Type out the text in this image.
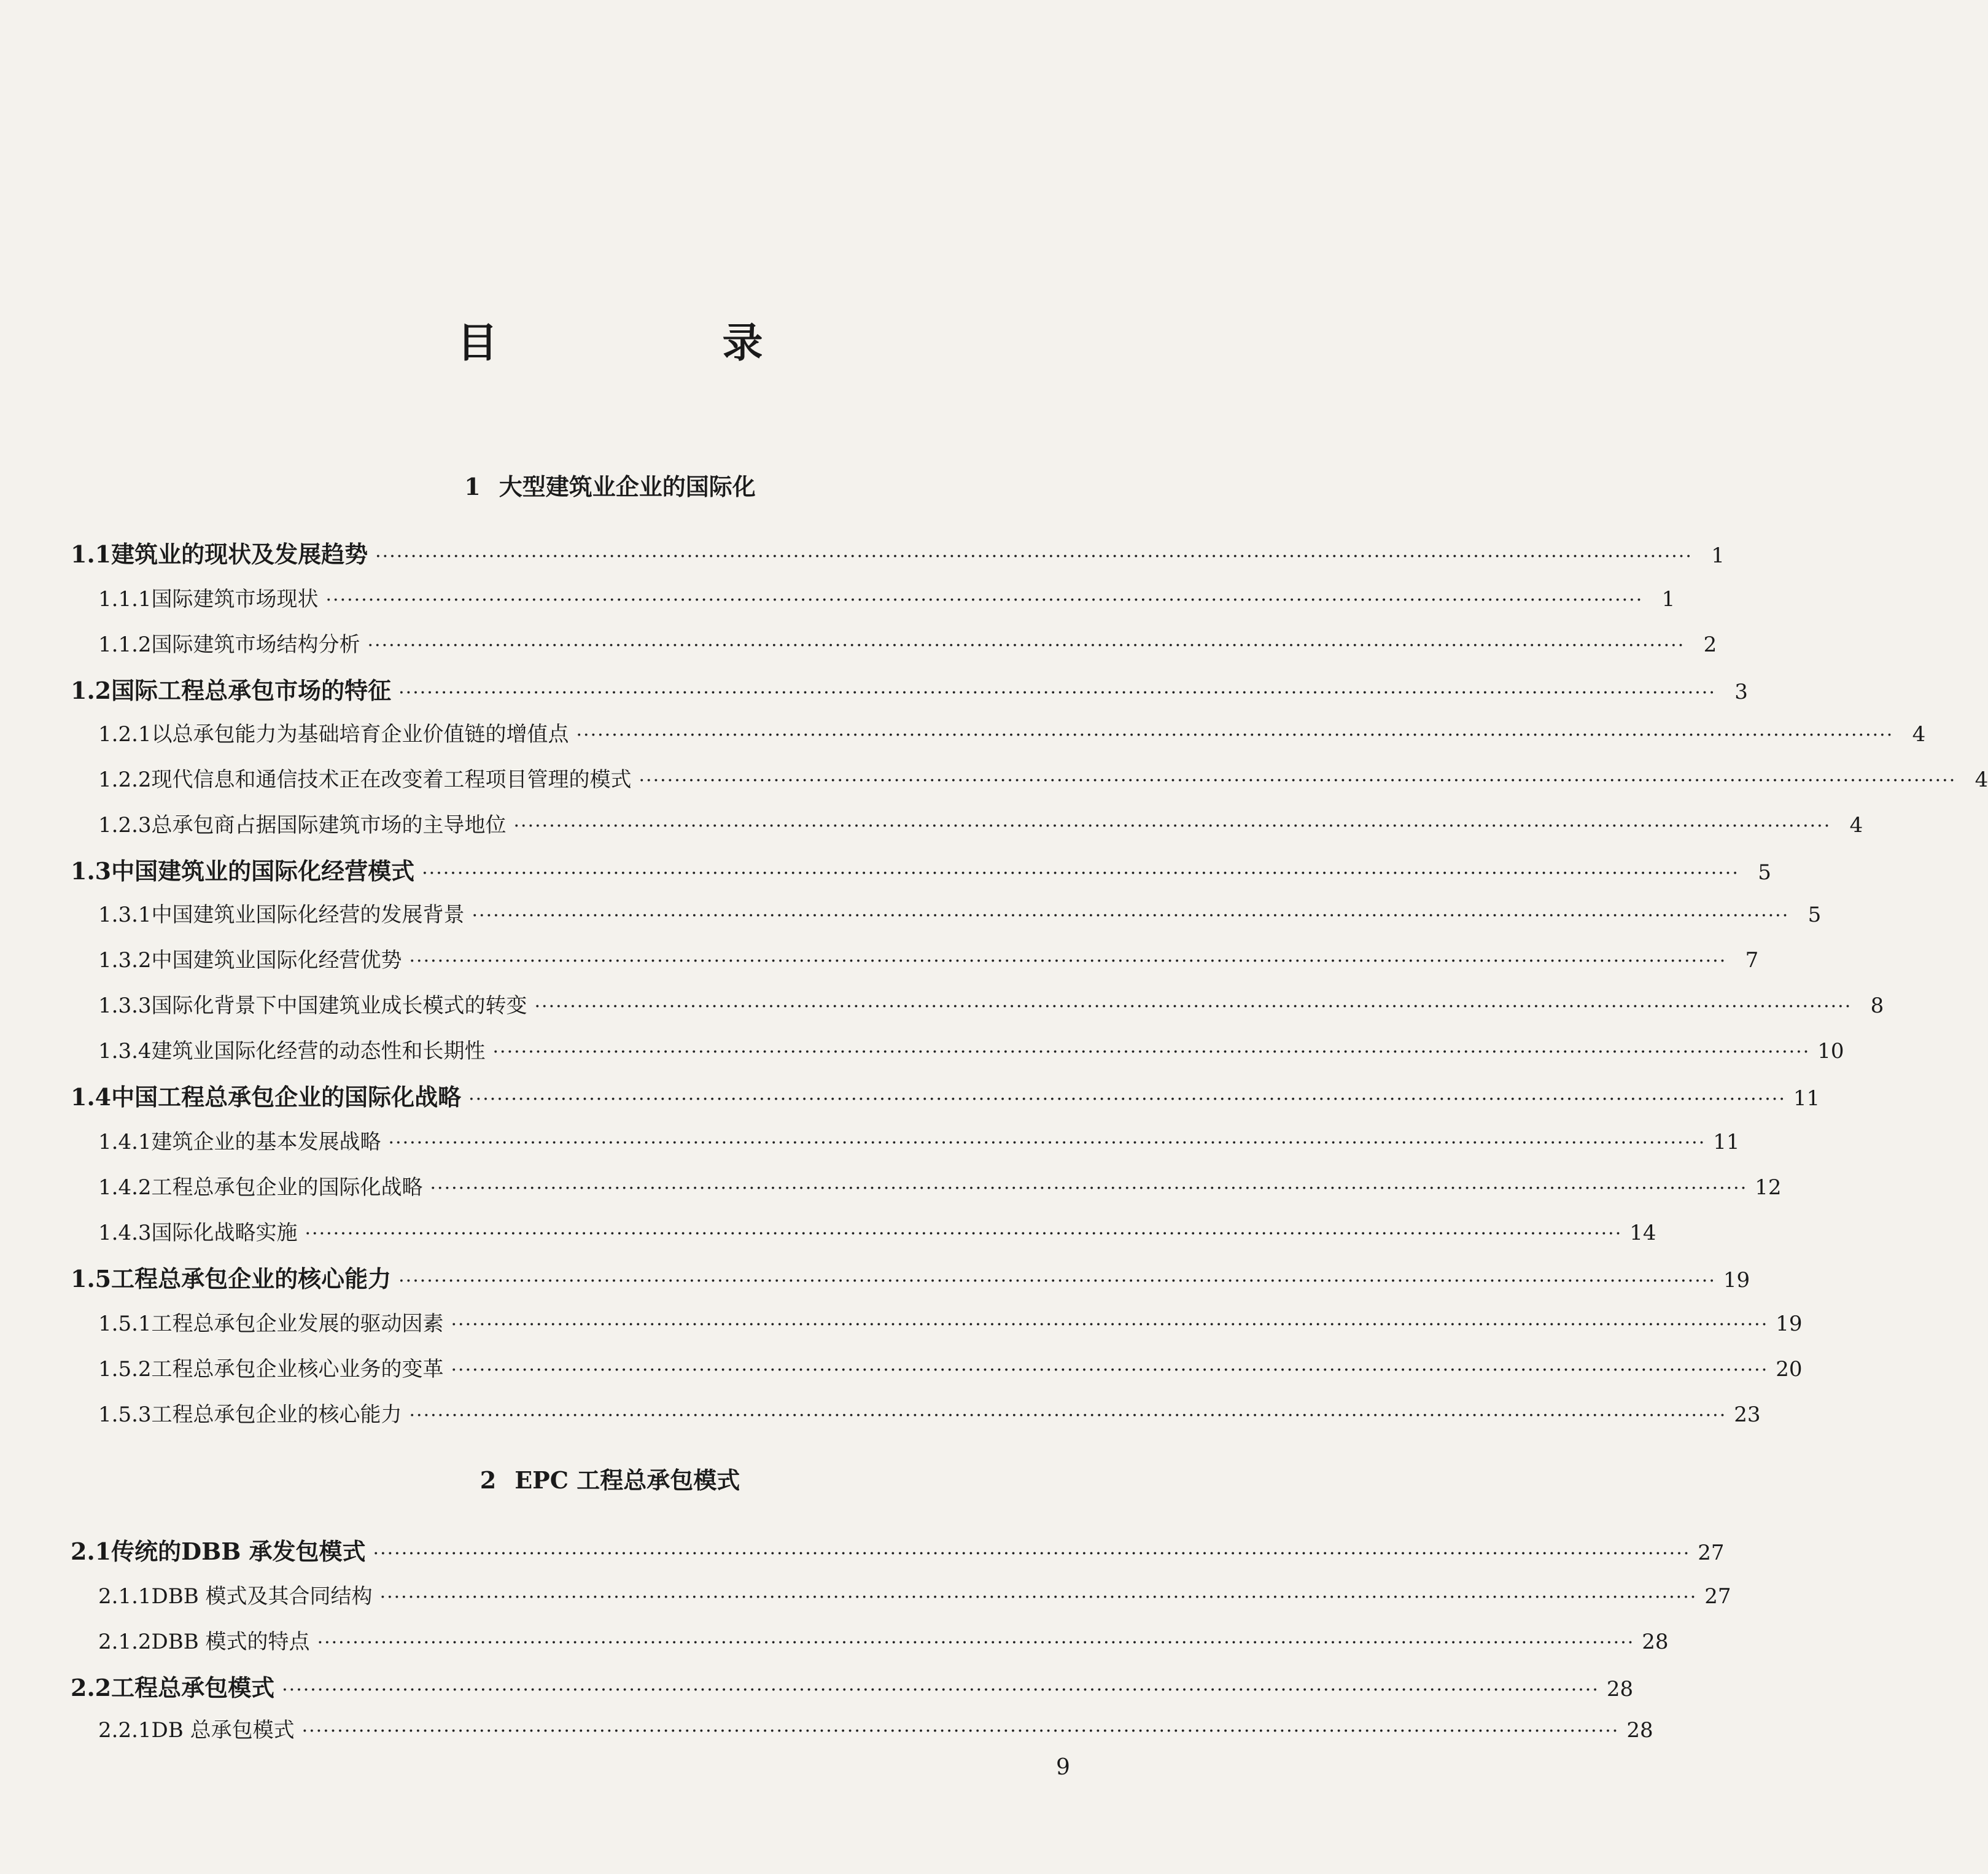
目　录
1 大型建筑业企业的国际化
1.1 建筑业的现状及发展趋势 ·························································································································································································· 1
1.1.1 国际建筑市场现状 ·························································································································································································· 1
1.1.2 国际建筑市场结构分析 ·························································································································································································· 2
1.2 国际工程总承包市场的特征 ·························································································································································································· 3
1.2.1 以总承包能力为基础培育企业价值链的增值点 ·························································································································································································· 4
1.2.2 现代信息和通信技术正在改变着工程项目管理的模式 ·························································································································································································· 4
1.2.3 总承包商占据国际建筑市场的主导地位 ·························································································································································································· 4
1.3 中国建筑业的国际化经营模式 ·························································································································································································· 5
1.3.1 中国建筑业国际化经营的发展背景 ·························································································································································································· 5
1.3.2 中国建筑业国际化经营优势 ·························································································································································································· 7
1.3.3 国际化背景下中国建筑业成长模式的转变 ·························································································································································································· 8
1.3.4 建筑业国际化经营的动态性和长期性 ·························································································································································································· 10
1.4 中国工程总承包企业的国际化战略 ·························································································································································································· 11
1.4.1 建筑企业的基本发展战略 ·························································································································································································· 11
1.4.2 工程总承包企业的国际化战略 ·························································································································································································· 12
1.4.3 国际化战略实施 ·························································································································································································· 14
1.5 工程总承包企业的核心能力 ·························································································································································································· 19
1.5.1 工程总承包企业发展的驱动因素 ·························································································································································································· 19
1.5.2 工程总承包企业核心业务的变革 ·························································································································································································· 20
1.5.3 工程总承包企业的核心能力 ·························································································································································································· 23
2 EPC 工程总承包模式
2.1 传统的DBB 承发包模式 ·························································································································································································· 27
2.1.1 DBB 模式及其合同结构 ·························································································································································································· 27
2.1.2 DBB 模式的特点 ·························································································································································································· 28
2.2 工程总承包模式 ·························································································································································································· 28
2.2.1 DB 总承包模式 ·························································································································································································· 28
9
